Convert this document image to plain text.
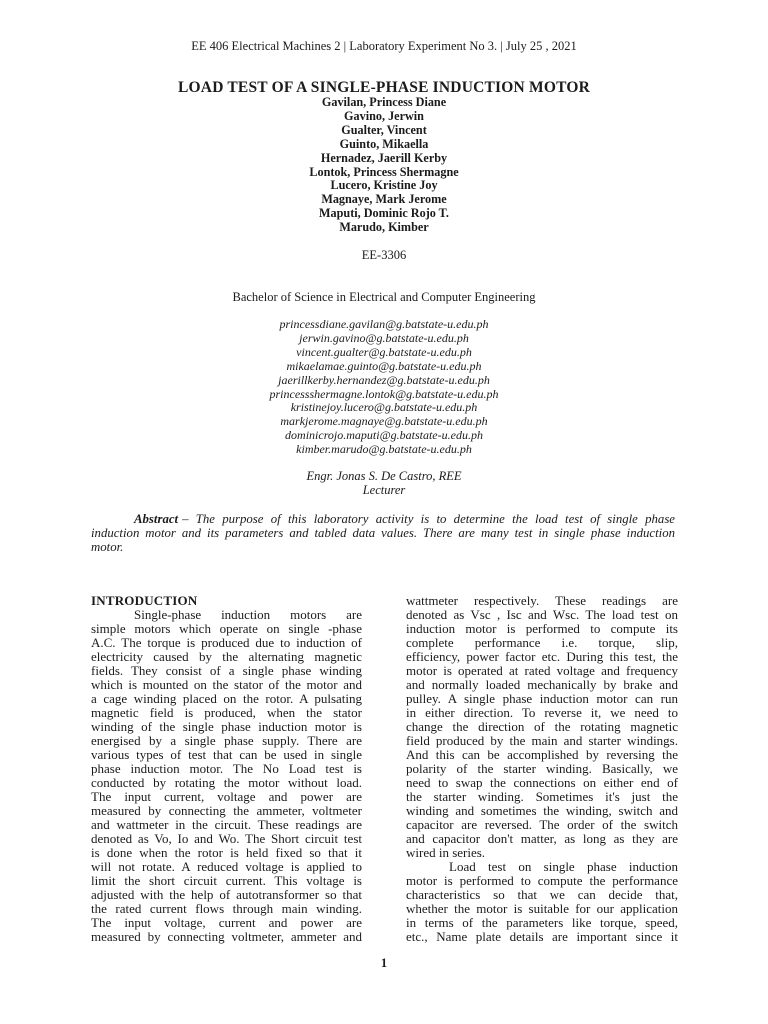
EE 406 Electrical Machines 2 | Laboratory Experiment No 3. | July 25 , 2021
LOAD TEST OF A SINGLE-PHASE INDUCTION MOTOR
Gavilan, Princess Diane
Gavino, Jerwin
Gualter, Vincent
Guinto, Mikaella
Hernadez, Jaerill Kerby
Lontok, Princess Shermagne
Lucero, Kristine Joy
Magnaye, Mark Jerome
Maputi, Dominic Rojo T.
Marudo, Kimber
EE-3306
Bachelor of Science in Electrical and Computer Engineering
princessdiane.gavilan@g.batstate-u.edu.ph
jerwin.gavino@g.batstate-u.edu.ph
vincent.gualter@g.batstate-u.edu.ph
mikaelamae.guinto@g.batstate-u.edu.ph
jaerillkerby.hernandez@g.batstate-u.edu.ph
princessshermagne.lontok@g.batstate-u.edu.ph
kristinejoy.lucero@g.batstate-u.edu.ph
markjerome.magnaye@g.batstate-u.edu.ph
dominicrojo.maputi@g.batstate-u.edu.ph
kimber.marudo@g.batstate-u.edu.ph
Engr. Jonas S. De Castro, REE
Lecturer
Abstract – The purpose of this laboratory activity is to determine the load test of single phase
induction motor and its parameters and tabled data values. There are many test in single phase induction
motor.
INTRODUCTION
Single-phase induction motors are
simple motors which operate on single -phase
A.C. The torque is produced due to induction of
electricity caused by the alternating magnetic
fields. They consist of a single phase winding
which is mounted on the stator of the motor and
a cage winding placed on the rotor. A pulsating
magnetic field is produced, when the stator
winding of the single phase induction motor is
energised by a single phase supply. There are
various types of test that can be used in single
phase induction motor. The No Load test is
conducted by rotating the motor without load.
The input current, voltage and power are
measured by connecting the ammeter, voltmeter
and wattmeter in the circuit. These readings are
denoted as Vo, Io and Wo. The Short circuit test
is done when the rotor is held fixed so that it
will not rotate. A reduced voltage is applied to
limit the short circuit current. This voltage is
adjusted with the help of autotransformer so that
the rated current flows through main winding.
The input voltage, current and power are
measured by connecting voltmeter, ammeter and
wattmeter respectively. These readings are
denoted as Vsc , Isc and Wsc. The load test on
induction motor is performed to compute its
complete performance i.e. torque, slip,
efficiency, power factor etc. During this test, the
motor is operated at rated voltage and frequency
and normally loaded mechanically by brake and
pulley. A single phase induction motor can run
in either direction. To reverse it, we need to
change the direction of the rotating magnetic
field produced by the main and starter windings.
And this can be accomplished by reversing the
polarity of the starter winding. Basically, we
need to swap the connections on either end of
the starter winding. Sometimes it's just the
winding and sometimes the winding, switch and
capacitor are reversed. The order of the switch
and capacitor don't matter, as long as they are
wired in series.
Load test on single phase induction
motor is performed to compute the performance
characteristics so that we can decide that,
whether the motor is suitable for our application
in terms of the parameters like torque, speed,
etc., Name plate details are important since it
1
